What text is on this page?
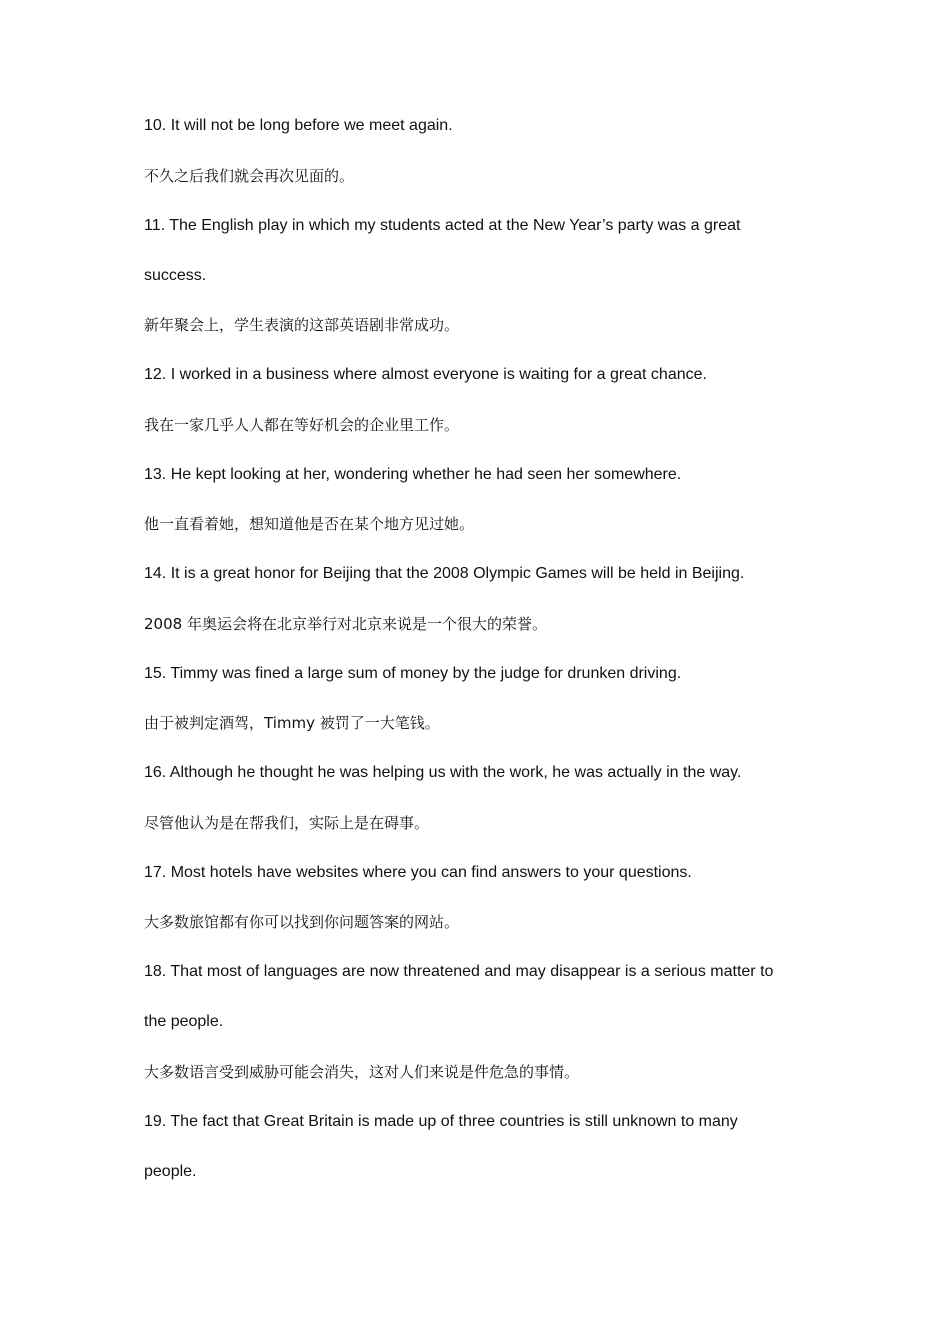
10. It will not be long before we meet again.
不久之后我们就会再次见面的。
11. The English play in which my students acted at the New Year’s party was a great
success.
新年聚会上，学生表演的这部英语剧非常成功。
12. I worked in a business where almost everyone is waiting for a great chance.
我在一家几乎人人都在等好机会的企业里工作。
13. He kept looking at her, wondering whether he had seen her somewhere.
他一直看着她，想知道他是否在某个地方见过她。
14. It is a great honor for Beijing that the 2008 Olympic Games will be held in Beijing.
2008 年奥运会将在北京举行对北京来说是一个很大的荣誉。
15. Timmy was fined a large sum of money by the judge for drunken driving.
由于被判定酒驾，Timmy 被罚了一大笔钱。
16. Although he thought he was helping us with the work, he was actually in the way.
尽管他认为是在帮我们，实际上是在碍事。
17. Most hotels have websites where you can find answers to your questions.
大多数旅馆都有你可以找到你问题答案的网站。
18. That most of languages are now threatened and may disappear is a serious matter to
the people.
大多数语言受到威胁可能会消失，这对人们来说是件危急的事情。
19. The fact that Great Britain is made up of three countries is still unknown to many
people.
